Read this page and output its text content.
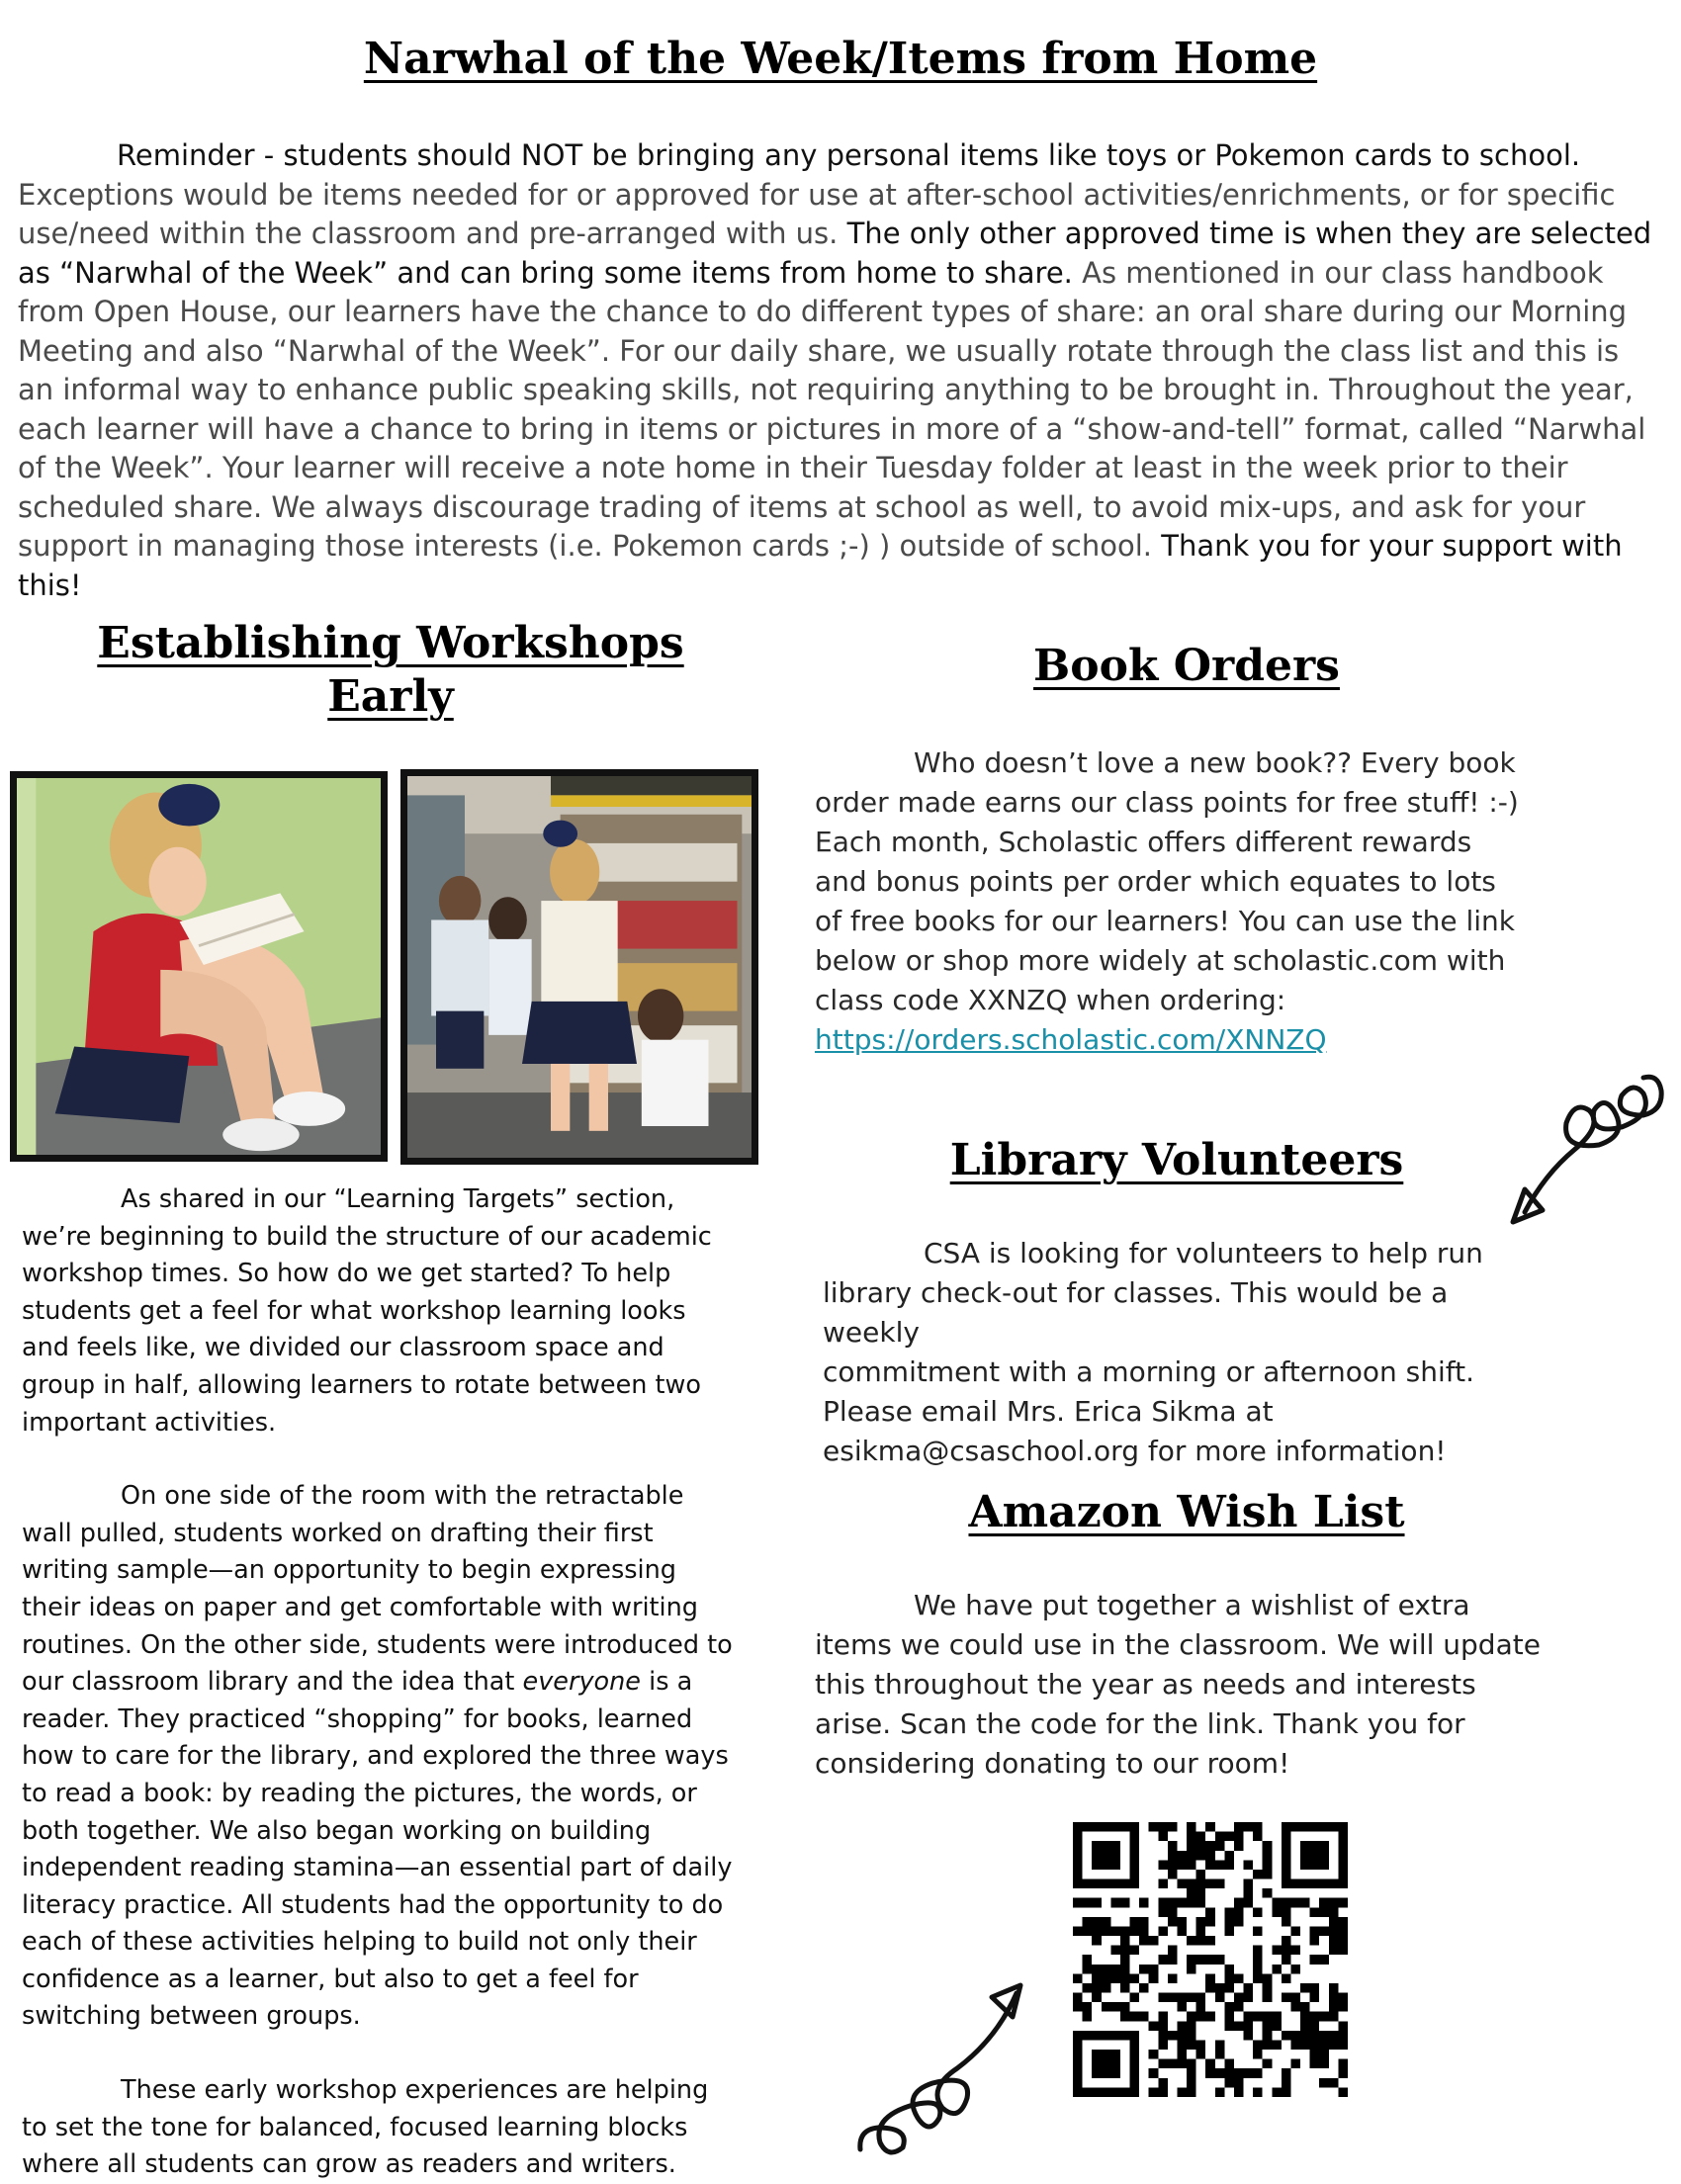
Narwhal of the Week/Items from Home

Reminder - students should NOT be bringing any personal items like toys or Pokemon cards to school. Exceptions would be items needed for or approved for use at after-school activities/enrichments, or for specific use/need within the classroom and pre-arranged with us. The only other approved time is when they are selected as “Narwhal of the Week” and can bring some items from home to share. As mentioned in our class handbook from Open House, our learners have the chance to do different types of share: an oral share during our Morning Meeting and also “Narwhal of the Week”. For our daily share, we usually rotate through the class list and this is an informal way to enhance public speaking skills, not requiring anything to be brought in. Throughout the year, each learner will have a chance to bring in items or pictures in more of a “show-and-tell” format, called “Narwhal of the Week”. Your learner will receive a note home in their Tuesday folder at least in the week prior to their scheduled share. We always discourage trading of items at school as well, to avoid mix-ups, and ask for your support in managing those interests (i.e. Pokemon cards ;-) ) outside of school. Thank you for your support with this!

Establishing Workshops
Early

As shared in our “Learning Targets” section, we’re beginning to build the structure of our academic workshop times. So how do we get started? To help students get a feel for what workshop learning looks and feels like, we divided our classroom space and group in half, allowing learners to rotate between two important activities.

On one side of the room with the retractable wall pulled, students worked on drafting their first writing sample—an opportunity to begin expressing their ideas on paper and get comfortable with writing routines. On the other side, students were introduced to our classroom library and the idea that everyone is a reader. They practiced “shopping” for books, learned how to care for the library, and explored the three ways to read a book: by reading the pictures, the words, or both together. We also began working on building independent reading stamina—an essential part of daily literacy practice. All students had the opportunity to do each of these activities helping to build not only their confidence as a learner, but also to get a feel for switching between groups.

These early workshop experiences are helping to set the tone for balanced, focused learning blocks where all students can grow as readers and writers.

Book Orders

Who doesn’t love a new book?? Every book order made earns our class points for free stuff! :-) Each month, Scholastic offers different rewards and bonus points per order which equates to lots of free books for our learners! You can use the link below or shop more widely at scholastic.com with class code XXNZQ when ordering:

https://orders.scholastic.com/XNNZQ

Library Volunteers

CSA is looking for volunteers to help run

library check-out for classes. This would be a weekly

commitment with a morning or afternoon shift.

Please email Mrs. Erica Sikma at

esikma@csaschool.org for more information!

Amazon Wish List

We have put together a wishlist of extra items we could use in the classroom. We will update this throughout the year as needs and interests arise. Scan the code for the link. Thank you for considering donating to our room!
